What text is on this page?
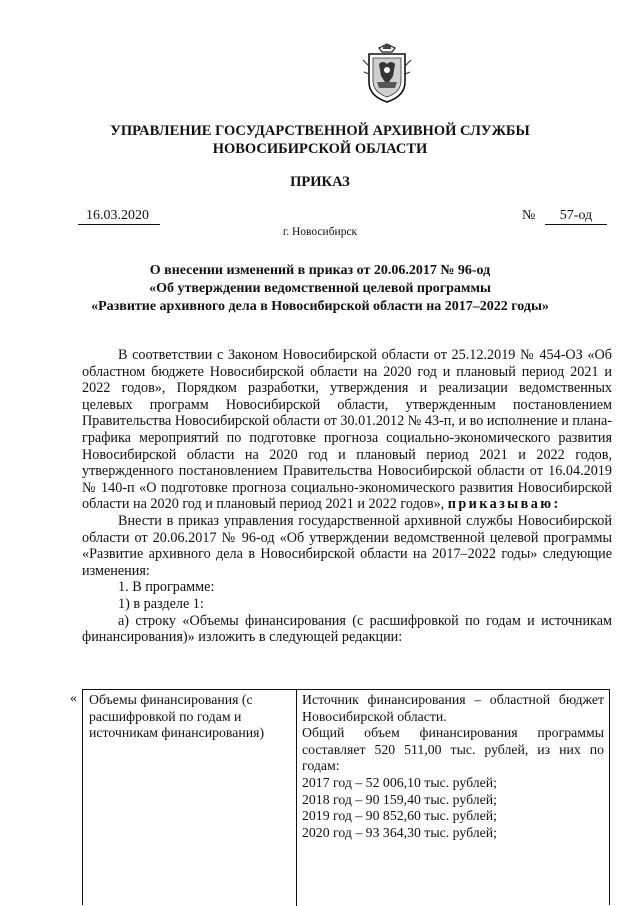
УПРАВЛЕНИЕ ГОСУДАРСТВЕННОЙ АРХИВНОЙ СЛУЖБЫ
НОВОСИБИРСКОЙ ОБЛАСТИ
ПРИКАЗ
16.03.2020	№	57-од
г. Новосибирск
О внесении изменений в приказ от 20.06.2017 № 96-од
«Об утверждении ведомственной целевой программы
«Развитие архивного дела в Новосибирской области на 2017–2022 годы»

В соответствии с Законом Новосибирской области от 25.12.2019 № 454-ОЗ «Об областном бюджете Новосибирской области на 2020 год и плановый период 2021 и 2022 годов», Порядком разработки, утверждения и реализации ведомственных целевых программ Новосибирской области, утвержденным постановлением Правительства Новосибирской области от 30.01.2012 № 43-п, и во исполнение и плана-графика мероприятий по подготовке прогноза социально-экономического развития Новосибирской области на 2020 год и плановый период 2021 и 2022 годов, утвержденного постановлением Правительства Новосибирской области от 16.04.2019 № 140-п «О подготовке прогноза социально-экономического развития Новосибирской области на 2020 год и плановый период 2021 и 2022 годов», приказываю:

Внести в приказ управления государственной архивной службы Новосибирской области от 20.06.2017 № 96-од «Об утверждении ведомственной целевой программы «Развитие архивного дела в Новосибирской области на 2017–2022 годы» следующие изменения:

1. В программе:

1) в разделе 1:

а) строку «Объемы финансирования (с расшифровкой по годам и источникам финансирования)» изложить в следующей редакции:

« Объемы финансирования (с расшифровкой по годам и источникам финансирования)
Источник финансирования – областной бюджет Новосибирской области.
Общий объем финансирования программы составляет 520 511,00 тыс. рублей, из них по годам:
2017 год – 52 006,10 тыс. рублей;
2018 год – 90 159,40 тыс. рублей;
2019 год – 90 852,60 тыс. рублей;
2020 год – 93 364,30 тыс. рублей;
